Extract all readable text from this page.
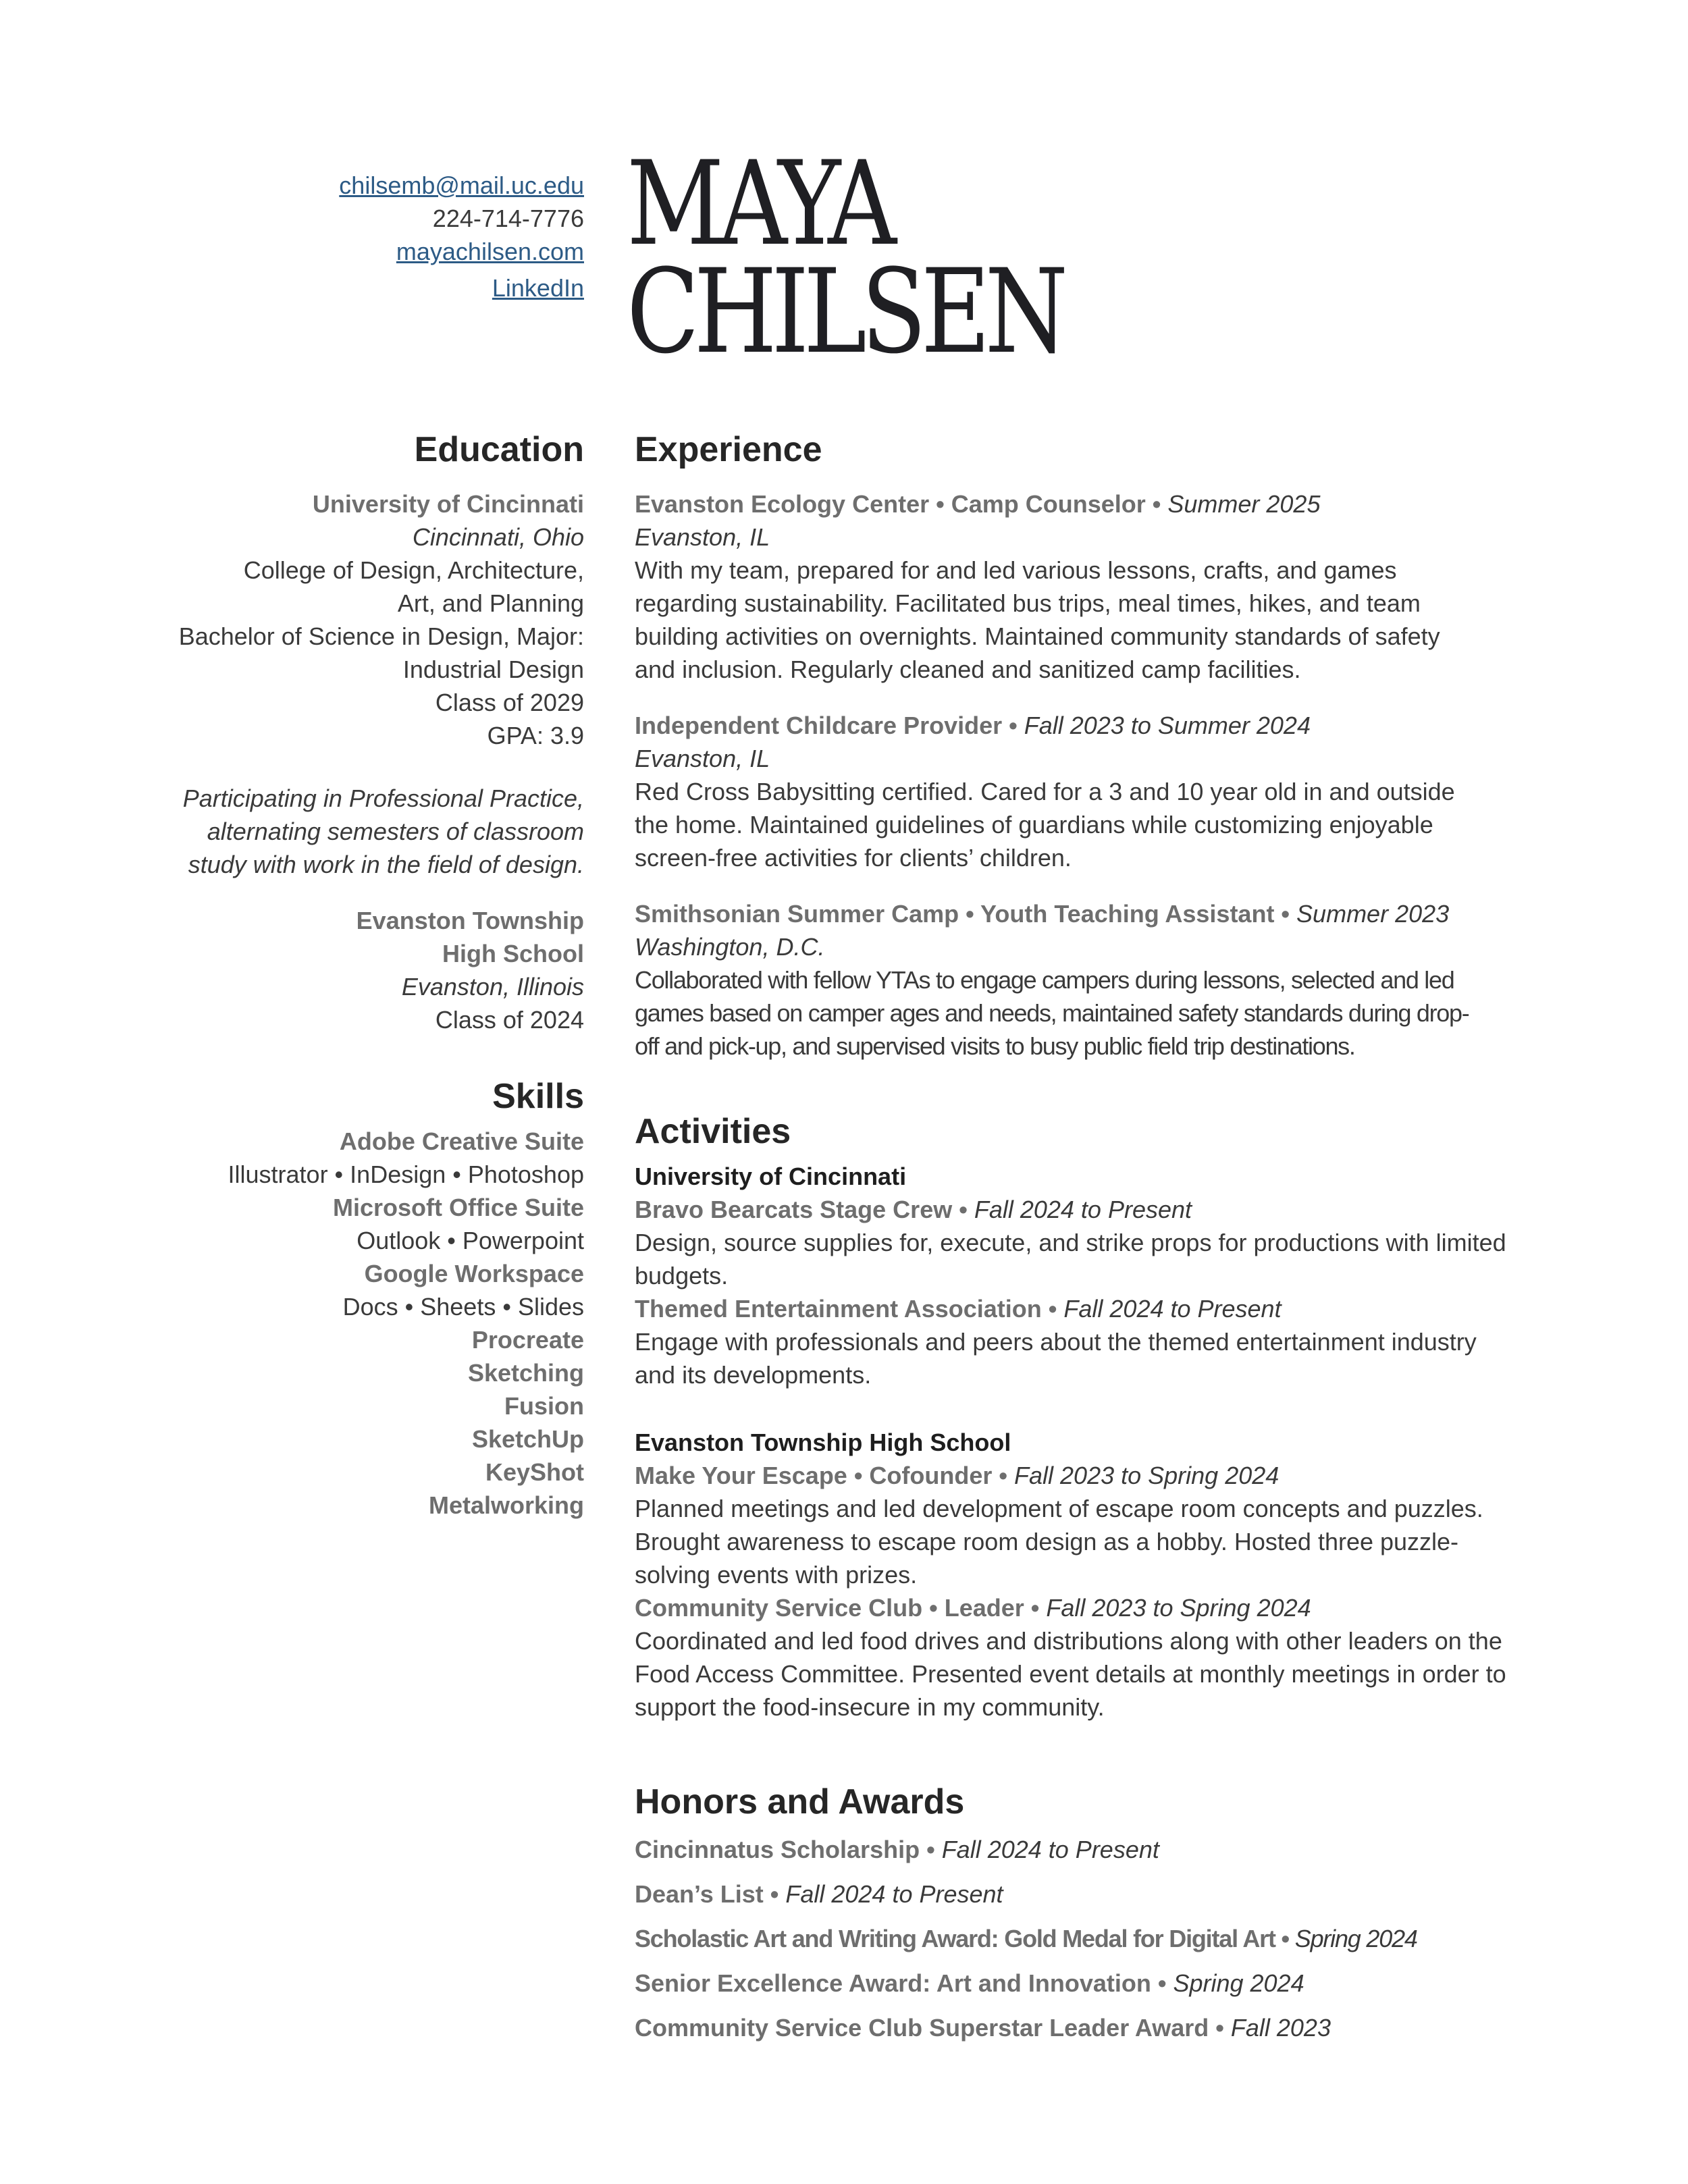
chilsemb@mail.uc.edu
224-714-7776
mayachilsen.com
LinkedIn
MAYA
CHILSEN
Education
University of Cincinnati
Cincinnati, Ohio
College of Design, Architecture,
Art, and Planning
Bachelor of Science in Design, Major:
Industrial Design
Class of 2029
GPA: 3.9
Participating in Professional Practice,
alternating semesters of classroom
study with work in the field of design.
Evanston Township
High School
Evanston, Illinois
Class of 2024
Skills
Adobe Creative Suite
Illustrator • InDesign • Photoshop
Microsoft Office Suite
Outlook • Powerpoint
Google Workspace
Docs • Sheets • Slides
Procreate
Sketching
Fusion
SketchUp
KeyShot
Metalworking
Experience
Evanston Ecology Center • Camp Counselor • Summer 2025
Evanston, IL
With my team, prepared for and led various lessons, crafts, and games
regarding sustainability. Facilitated bus trips, meal times, hikes, and team
building activities on overnights. Maintained community standards of safety
and inclusion. Regularly cleaned and sanitized camp facilities.
Independent Childcare Provider • Fall 2023 to Summer 2024
Evanston, IL
Red Cross Babysitting certified. Cared for a 3 and 10 year old in and outside
the home. Maintained guidelines of guardians while customizing enjoyable
screen-free activities for clients’ children.
Smithsonian Summer Camp • Youth Teaching Assistant • Summer 2023
Washington, D.C.
Collaborated with fellow YTAs to engage campers during lessons, selected and led
games based on camper ages and needs, maintained safety standards during drop-
off and pick-up, and supervised visits to busy public field trip destinations.
Activities
University of Cincinnati
Bravo Bearcats Stage Crew • Fall 2024 to Present
Design, source supplies for, execute, and strike props for productions with limited
budgets.
Themed Entertainment Association • Fall 2024 to Present
Engage with professionals and peers about the themed entertainment industry
and its developments.
Evanston Township High School
Make Your Escape • Cofounder • Fall 2023 to Spring 2024
Planned meetings and led development of escape room concepts and puzzles.
Brought awareness to escape room design as a hobby. Hosted three puzzle-
solving events with prizes.
Community Service Club • Leader • Fall 2023 to Spring 2024
Coordinated and led food drives and distributions along with other leaders on the
Food Access Committee. Presented event details at monthly meetings in order to
support the food-insecure in my community.
Honors and Awards
Cincinnatus Scholarship • Fall 2024 to Present
Dean’s List • Fall 2024 to Present
Scholastic Art and Writing Award: Gold Medal for Digital Art • Spring 2024
Senior Excellence Award: Art and Innovation • Spring 2024
Community Service Club Superstar Leader Award • Fall 2023
